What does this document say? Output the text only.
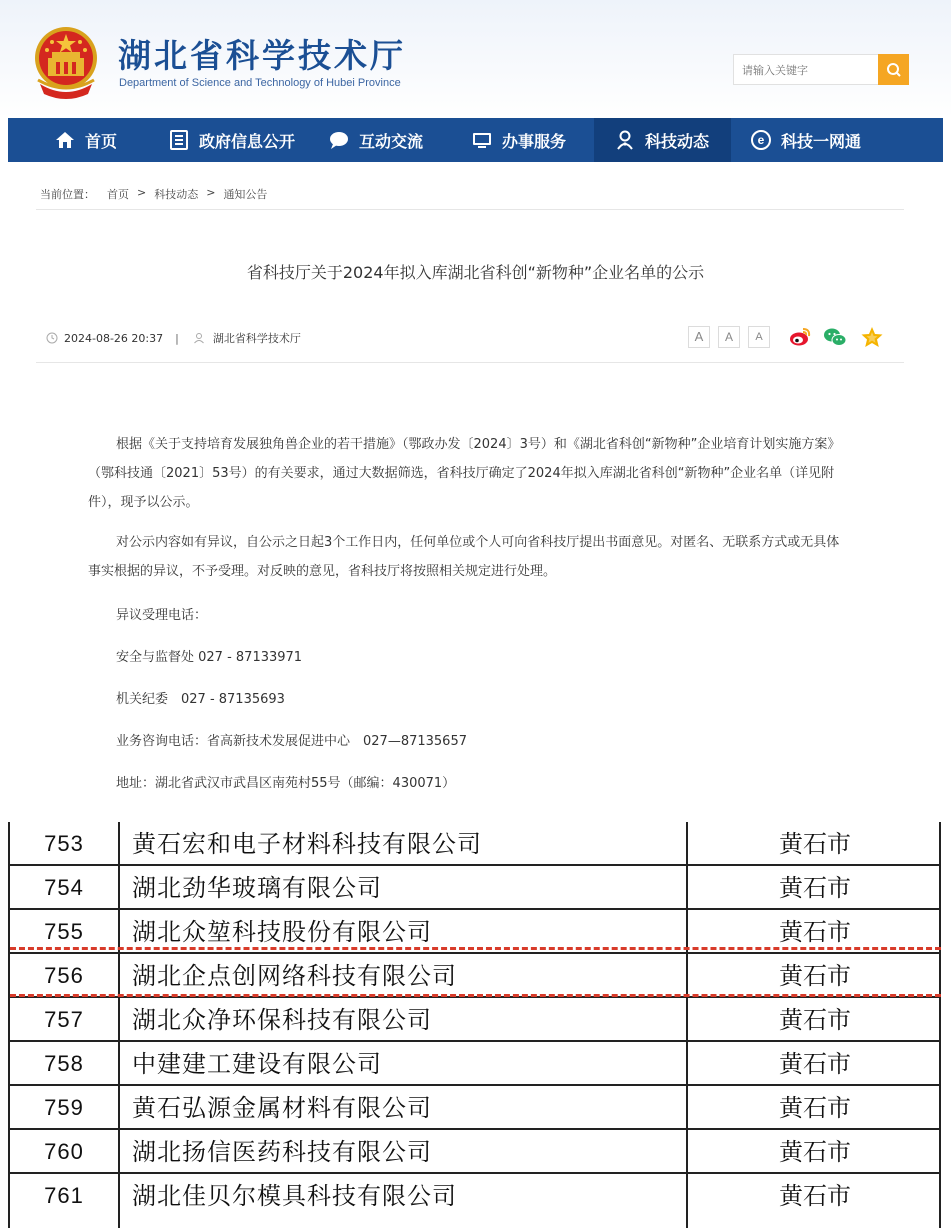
湖北省科学技术厅
Department of Science and Technology of Hubei Province
请输入关键字
首页	政府信息公开	互动交流	办事服务	科技动态	e 科技一网通
当前位置： 首页 > 科技动态 > 通知公告
省科技厅关于2024年拟入库湖北省科创“新物种”企业名单的公示
2024-08-26 20:37 |	湖北省科学技术厅	A	A	A
根据《关于支持培育发展独角兽企业的若干措施》（鄂政办发〔2024〕3号）和《湖北省科创“新物种”企业培育计划实施方案》（鄂科技通〔2021〕53号）的有关要求，通过大数据筛选，省科技厅确定了2024年拟入库湖北省科创“新物种”企业名单（详见附件），现予以公示。
对公示内容如有异议，自公示之日起3个工作日内，任何单位或个人可向省科技厅提出书面意见。对匿名、无联系方式或无具体事实根据的异议，不予受理。对反映的意见，省科技厅将按照相关规定进行处理。
异议受理电话：
安全与监督处 027 - 87133971
机关纪委　027 - 87135693
业务咨询电话：省高新技术发展促进中心　027—87135657
地址：湖北省武汉市武昌区南苑村55号（邮编：430071）
753	黄石宏和电子材料科技有限公司	黄石市
754	湖北劲华玻璃有限公司	黄石市
755	湖北众堃科技股份有限公司	黄石市
756	湖北企点创网络科技有限公司	黄石市
757	湖北众净环保科技有限公司	黄石市
758	中建建工建设有限公司	黄石市
759	黄石弘源金属材料有限公司	黄石市
760	湖北扬信医药科技有限公司	黄石市
761	湖北佳贝尔模具科技有限公司	黄石市
